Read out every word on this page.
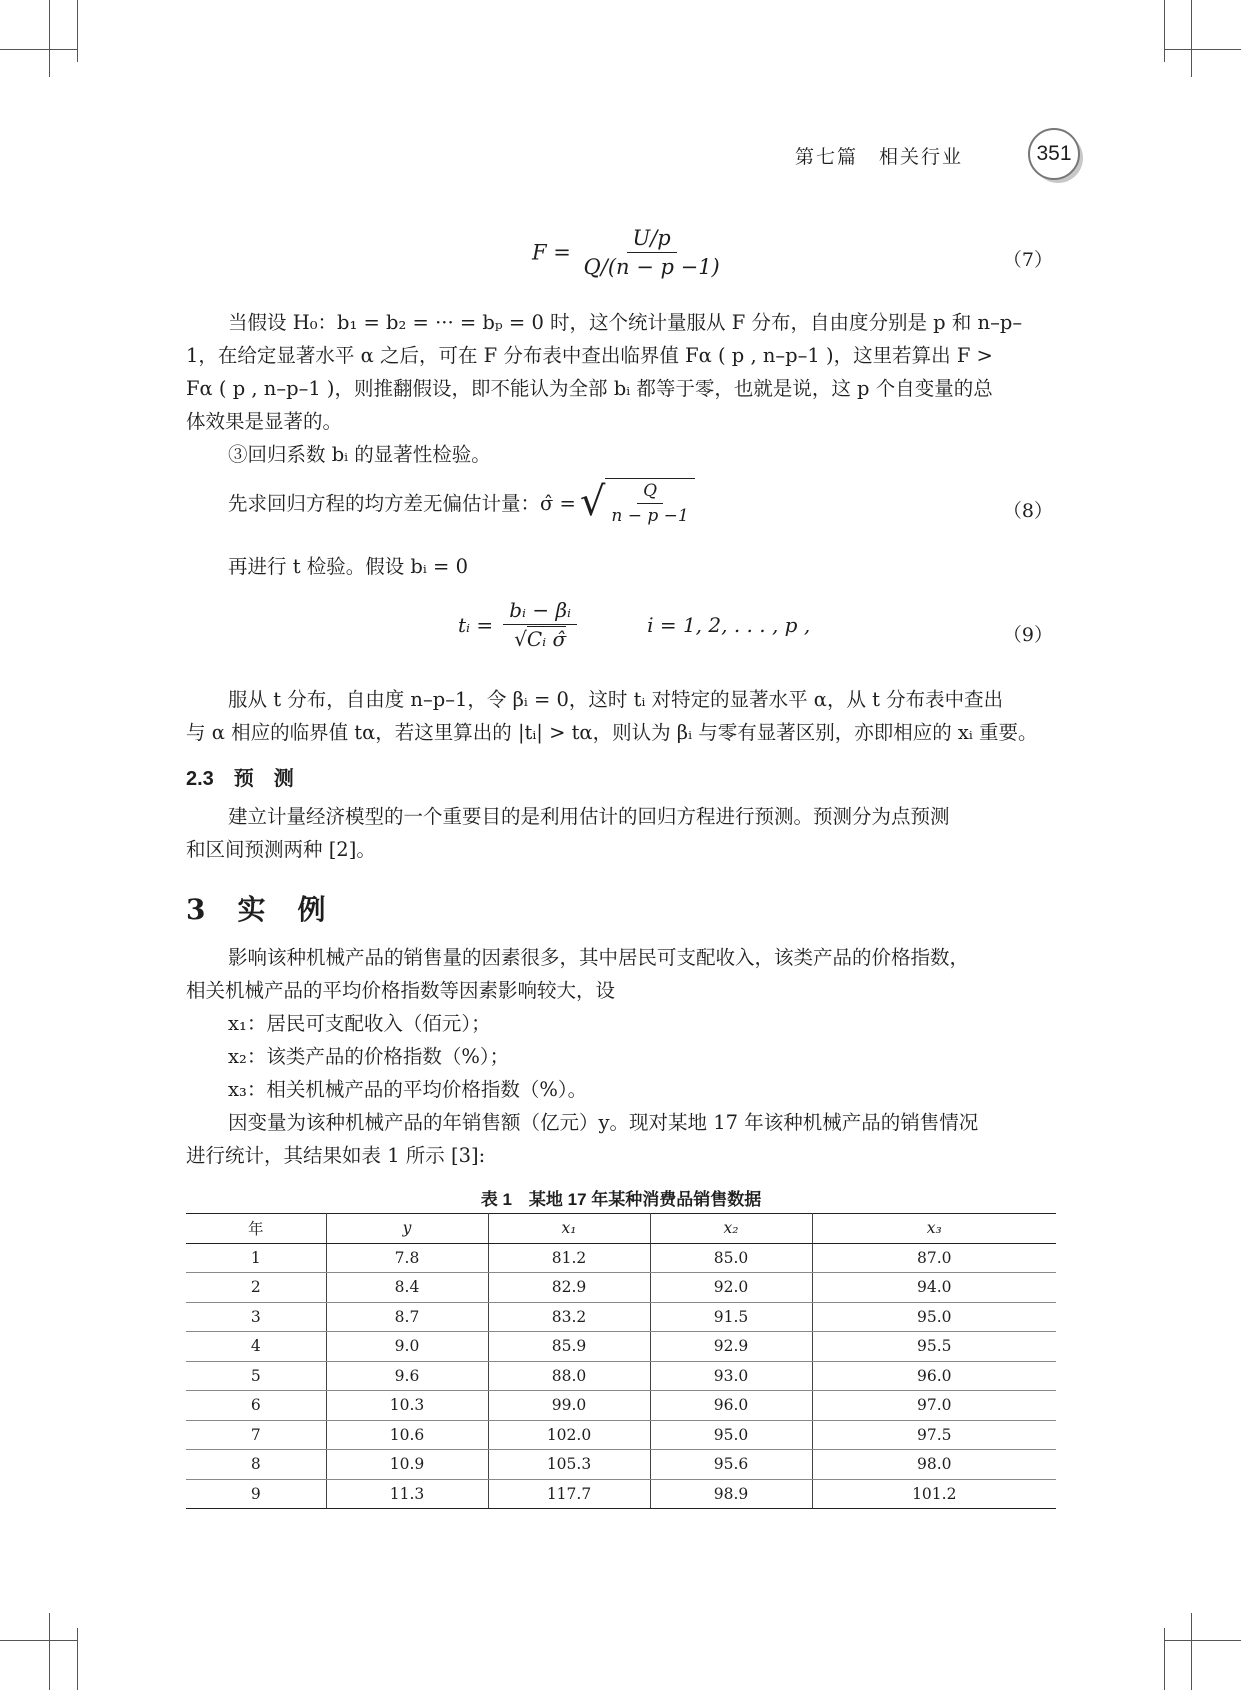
第七篇　相关行业	351
$F = \frac{U/p}{Q/(n - p -1)}$	（7）

当假设 H₀：b₁ = b₂ = ··· = bₚ = 0 时，这个统计量服从 F 分布，自由度分别是 p 和 n–p–

1，在给定显著水平 α 之后，可在 F 分布表中查出临界值 Fα ( p , n–p–1 )，这里若算出 F >

Fα ( p , n–p–1 )，则推翻假设，即不能认为全部 bᵢ 都等于零，也就是说，这 p 个自变量的总

体效果是显著的。

③回归系数 bᵢ 的显著性检验。

先求回归方程的均方差无偏估计量：σ̂ = √ $\frac{Q}{n - p -1}$	（8）
再进行 t 检验。假设 bᵢ = 0
tᵢ = $\frac{\text{bᵢ − βᵢ}}{\text{√Cᵢ σ̂}}$	i = 1, 2, . . . , p ,	（9）

服从 t 分布，自由度 n–p–1，令 βᵢ = 0，这时 tᵢ 对特定的显著水平 α，从 t 分布表中查出

与 α 相应的临界值 tα，若这里算出的 |tᵢ| > tα，则认为 βᵢ 与零有显著区别，亦即相应的 xᵢ 重要。

2.3　预　测

建立计量经济模型的一个重要目的是利用估计的回归方程进行预测。预测分为点预测

和区间预测两种 [2]。

3　实　例

影响该种机械产品的销售量的因素很多，其中居民可支配收入，该类产品的价格指数，

相关机械产品的平均价格指数等因素影响较大，设

x₁：居民可支配收入（佰元）；

x₂：该类产品的价格指数（%）；

x₃：相关机械产品的平均价格指数（%）。

因变量为该种机械产品的年销售额（亿元）y。现对某地 17 年该种机械产品的销售情况

进行统计，其结果如表 1 所示 [3]:

表 1　某地 17 年某种消费品销售数据
年	y	x₁	x₂	x₃
1	7.8	81.2	85.0	87.0
2	8.4	82.9	92.0	94.0
3	8.7	83.2	91.5	95.0
4	9.0	85.9	92.9	95.5
5	9.6	88.0	93.0	96.0
6	10.3	99.0	96.0	97.0
7	10.6	102.0	95.0	97.5
8	10.9	105.3	95.6	98.0
9	11.3	117.7	98.9	101.2
